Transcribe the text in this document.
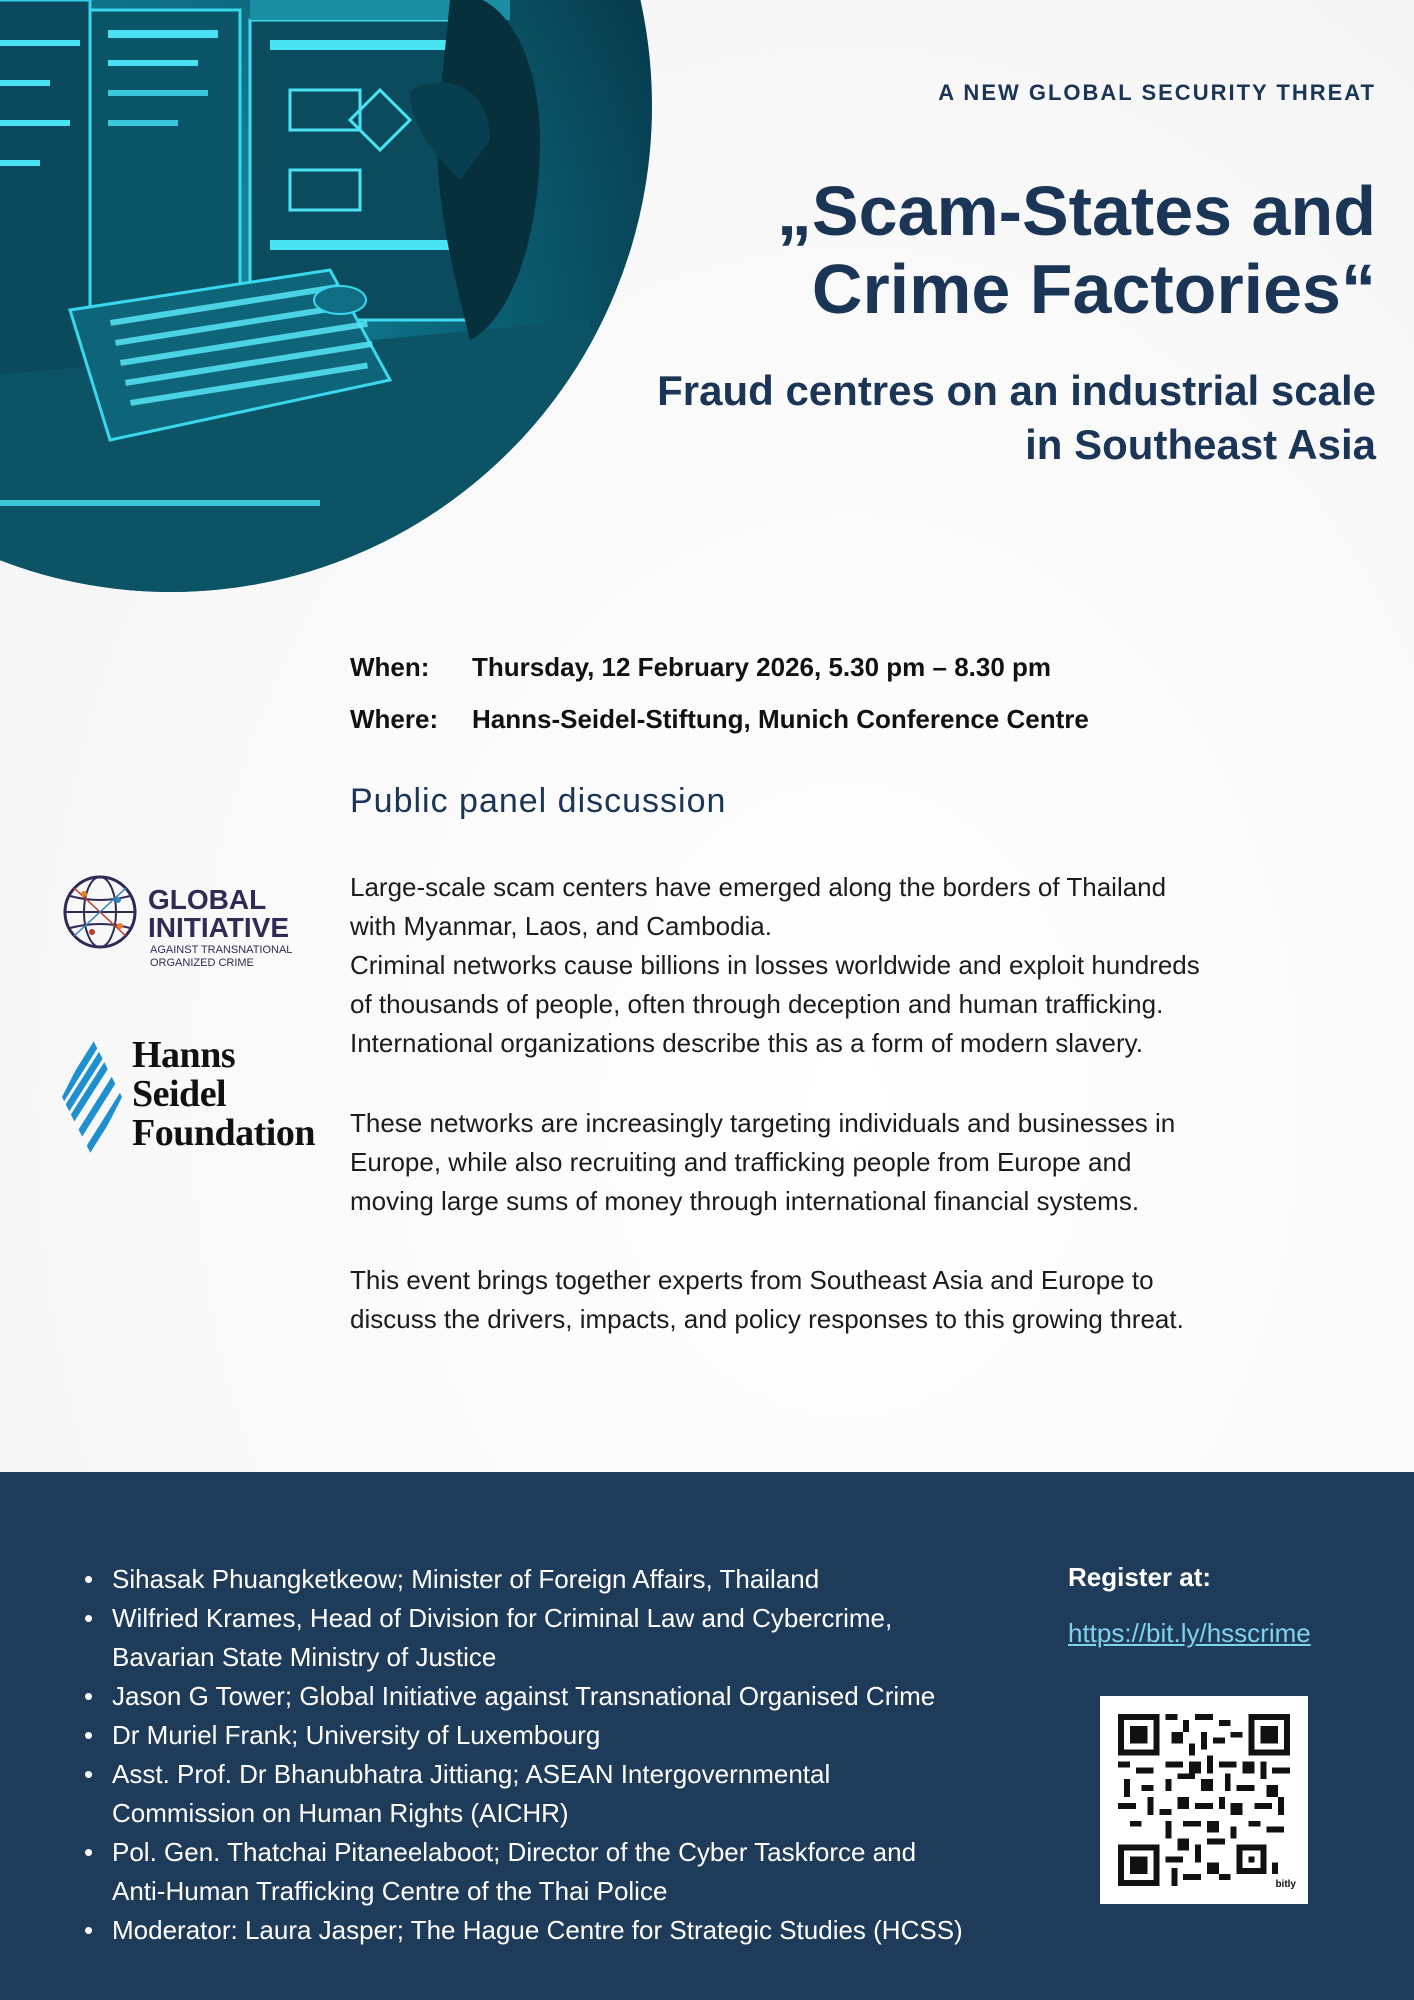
A NEW GLOBAL SECURITY THREAT
„Scam-States and Crime Factories“
Fraud centres on an industrial scale in Southeast Asia
When: Thursday, 12 February 2026, 5.30 pm – 8.30 pm
Where: Hanns-Seidel-Stiftung, Munich Conference Centre
Public panel discussion

Large-scale scam centers have emerged along the borders of Thailand

with Myanmar, Laos, and Cambodia.

Criminal networks cause billions in losses worldwide and exploit hundreds

of thousands of people, often through deception and human trafficking.

International organizations describe this as a form of modern slavery.

These networks are increasingly targeting individuals and businesses in

Europe, while also recruiting and trafficking people from Europe and

moving large sums of money through international financial systems.

This event brings together experts from Southeast Asia and Europe to

discuss the drivers, impacts, and policy responses to this growing threat.

GLOBAL
INITIATIVE
AGAINST TRANSNATIONAL
ORGANIZED CRIME
Hanns
Seidel
Foundation
• Sihasak Phuangketkeow; Minister of Foreign Affairs, Thailand
• Wilfried Krames, Head of Division for Criminal Law and Cybercrime,
Bavarian State Ministry of Justice
• Jason G Tower; Global Initiative against Transnational Organised Crime
• Dr Muriel Frank; University of Luxembourg
• Asst. Prof. Dr Bhanubhatra Jittiang; ASEAN Intergovernmental
Commission on Human Rights (AICHR)
• Pol. Gen. Thatchai Pitaneelaboot; Director of the Cyber Taskforce and
Anti-Human Trafficking Centre of the Thai Police
• Moderator: Laura Jasper; The Hague Centre for Strategic Studies (HCSS)
Register at:
https://bit.ly/hsscrime
bitly
